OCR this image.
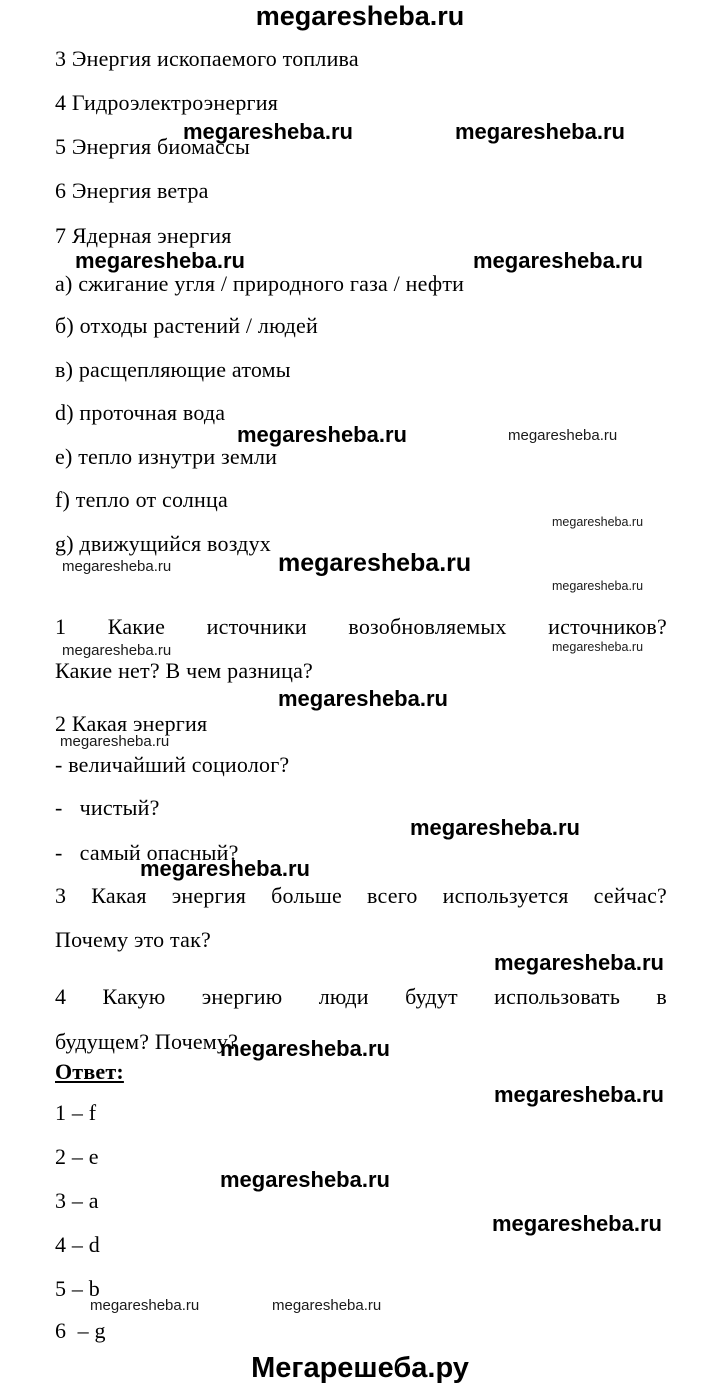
megaresheba.ru
megaresheba.ru	megaresheba.ru
megaresheba.ru	megaresheba.ru
megaresheba.ru	megaresheba.ru
megaresheba.ru
megaresheba.ru	megaresheba.ru
megaresheba.ru
megaresheba.ru	megaresheba.ru
megaresheba.ru
megaresheba.ru
megaresheba.ru
megaresheba.ru
megaresheba.ru
megaresheba.ru
megaresheba.ru
megaresheba.ru
megaresheba.ru
megaresheba.ru	megaresheba.ru
3 Энергия ископаемого топлива
4 Гидроэлектроэнергия
5 Энергия биомассы
6 Энергия ветра
7 Ядерная энергия
а) сжигание угля / природного газа / нефти
б) отходы растений / людей
в) расщепляющие атомы
d) проточная вода
е) тепло изнутри земли
f) тепло от солнца
g) движущийся воздух
1 Какие источники возобновляемых источников?
Какие нет? В чем разница?
2 Какая энергия
- величайший социолог?
-   чистый?
-   самый опасный?
3 Какая энергия больше всего используется сейчас?
Почему это так?
4 Какую энергию люди будут использовать в
будущем? Почему?
Ответ:
1 – f
2 – e
3 – a
4 – d
5 – b
6  – g
Мегарешеба.ру
